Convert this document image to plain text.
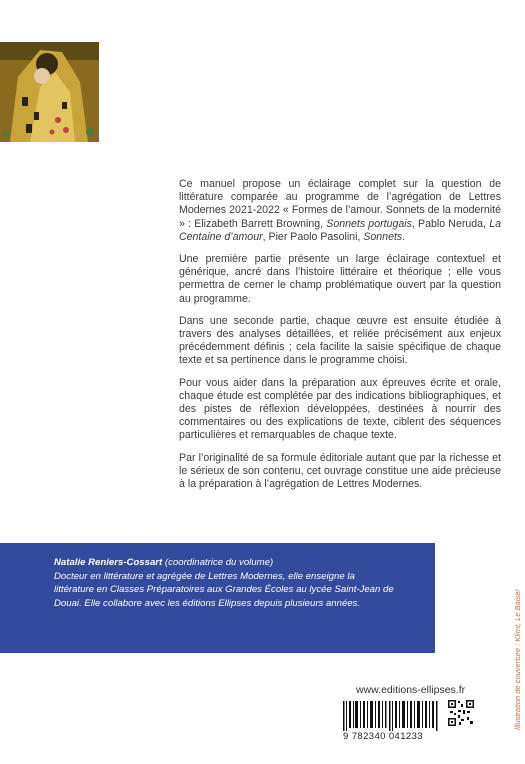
Ce manuel propose un éclairage complet sur la question de littérature comparée au programme de l’agrégation de Lettres Modernes 2021-2022 « Formes de l’amour. Sonnets de la modernité » : Elizabeth Barrett Browning, Sonnets portugais, Pablo Neruda, La Centaine d’amour, Pier Paolo Pasolini, Sonnets.

Une première partie présente un large éclairage contextuel et générique, ancré dans l’histoire littéraire et théorique ; elle vous permettra de cerner le champ problématique ouvert par la question au programme.

Dans une seconde partie, chaque œuvre est ensuite étudiée à travers des analyses détaillées, et reliée précisément aux enjeux précédemment définis ; cela facilite la saisie spécifique de chaque texte et sa pertinence dans le programme choisi.

Pour vous aider dans la préparation aux épreuves écrite et orale, chaque étude est complétée par des indications bibliographiques, et des pistes de réflexion développées, destinées à nourrir des commentaires ou des explications de texte, ciblent des séquences particulières et remarquables de chaque texte.

Par l’originalité de sa formule éditoriale autant que par la richesse et le sérieux de son contenu, cet ouvrage constitue une aide précieuse à la préparation à l’agrégation de Lettres Modernes.

Natalie Reniers-Cossart (coordinatrice du volume)
Docteur en littérature et agrégée de Lettres Modernes, elle enseigne la littérature en Classes Préparatoires aux Grandes Écoles au lycée Saint-Jean de Douai. Elle collabore avec les éditions Ellipses depuis plusieurs années.	Illustration de couverture : Klimt, Le Baiser
www.editions-ellipses.fr
9 782340 041233
